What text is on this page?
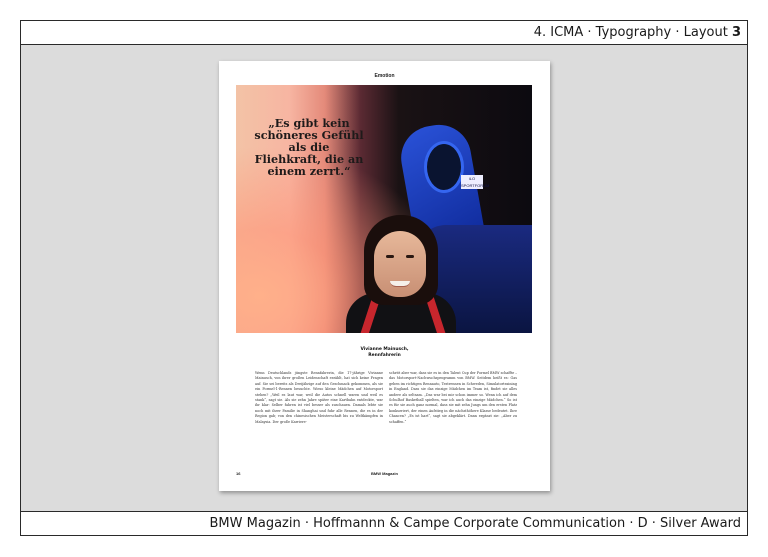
4. ICMA · Typography · Layout 3
Emotion
iLO SPORTFORUM
„Es gibt kein schöneres Gefühl als die Fliehkraft, die an einem zerrt.“
Vivianne Mainusch,
Rennfahrerin
Wenn Deutschlands jüngste Rennfahrerin, die 17-jährige Vivianne Mainusch, von ihrer großen Leidenschaft erzählt, hat sich keine Fragen auf. Sie sei bereits als Dreijährige auf den Geschmack gekommen, als sie ein Formel-1-Rennen besuchte. Wieso kleine Mädchen auf Motorsport stehen? „Weil es laut war, weil die Autos schnell waren und weil es stank“, sagt sie. Als sie zehn Jahre später eine Kartbahn entdeckte, war ihr klar: Selber fahren ist viel besser als zuschauen. Damals lebte sie noch mit ihrer Familie in Shanghai und fuhr alle Rennen, die es in der Region gab; von den chinesischen Meisterschaft bis zu Weltkämpfen in Malaysia. Der große Karriere-
schritt aber war, dass sie es in den Talent Cup der Formel BMW schaffte – das Motorsport-Nachwuchsprogramm von BMW. Seitdem heißt es: Gas geben im richtigen Rennauto, Testrennen in Schweden, Simulatortraining in England. Dass sie das einzige Mädchen im Team ist, findet sie alles andere als seltsam. „Das war bei mir schon immer so. Wenn ich auf dem Schulhof Basketball spielten, war ich auch das einzige Mädchen.“ So ist es für sie auch ganz normal, dass sie mit zehn Jungs um den ersten Platz konkurriert, der einen Aufstieg in die nächsthöhere Klasse bedeutet. Ihre Chancen? „Es ist hart“, sagt sie abgeklärt. Dann ergänzt sie: „Aber zu schaffen.“
16	BMW Magazin
BMW Magazin · Hoffmannn & Campe Corporate Communication · D · Silver Award
